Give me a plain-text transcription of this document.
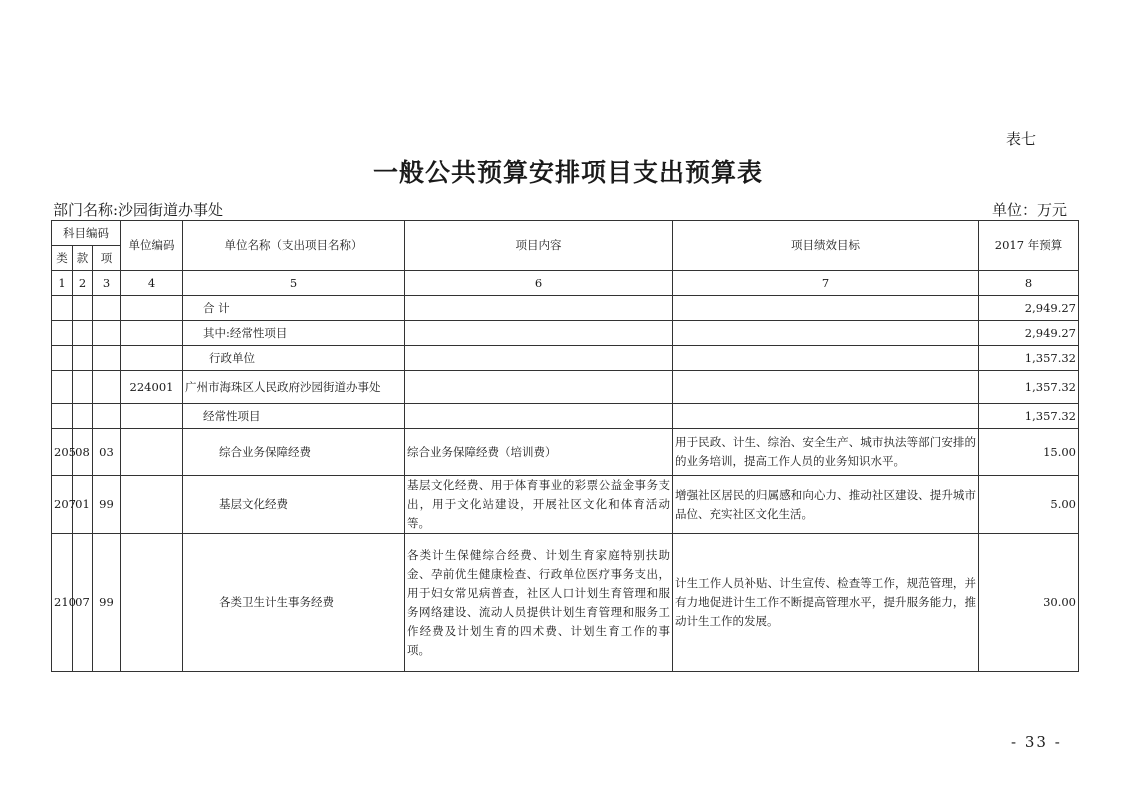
表七
一般公共预算安排项目支出预算表
部门名称:沙园街道办事处	单位：万元
科目编码			单位编码	单位名称（支出项目名称）	项目内容	项目绩效目标	2017 年预算
类	款	项					
1	2	3	4	5	6	7	8
				合 计			2,949.27
				其中:经常性项目			2,949.27
				行政单位			1,357.32
			224001	广州市海珠区人民政府沙园街道办事处			1,357.32
				经常性项目			1,357.32
205	08	03		综合业务保障经费	综合业务保障经费（培训费）	用于民政、计生、综治、安全生产、城市执法等部门安排的的业务培训，提高工作人员的业务知识水平。	15.00
207	01	99		基层文化经费	基层文化经费、用于体育事业的彩票公益金事务支出，用于文化站建设，开展社区文化和体育活动等。	增强社区居民的归属感和向心力、推动社区建设、提升城市品位、充实社区文化生活。	5.00
210	07	99		各类卫生计生事务经费	各类计生保健综合经费、计划生育家庭特别扶助金、孕前优生健康检查、行政单位医疗事务支出，用于妇女常见病普查，社区人口计划生育管理和服务网络建设、流动人员提供计划生育管理和服务工作经费及计划生育的四术费、计划生育工作的事项。	计生工作人员补贴、计生宣传、检查等工作，规范管理，并有力地促进计生工作不断提高管理水平，提升服务能力，推动计生工作的发展。	30.00
- 33 -
